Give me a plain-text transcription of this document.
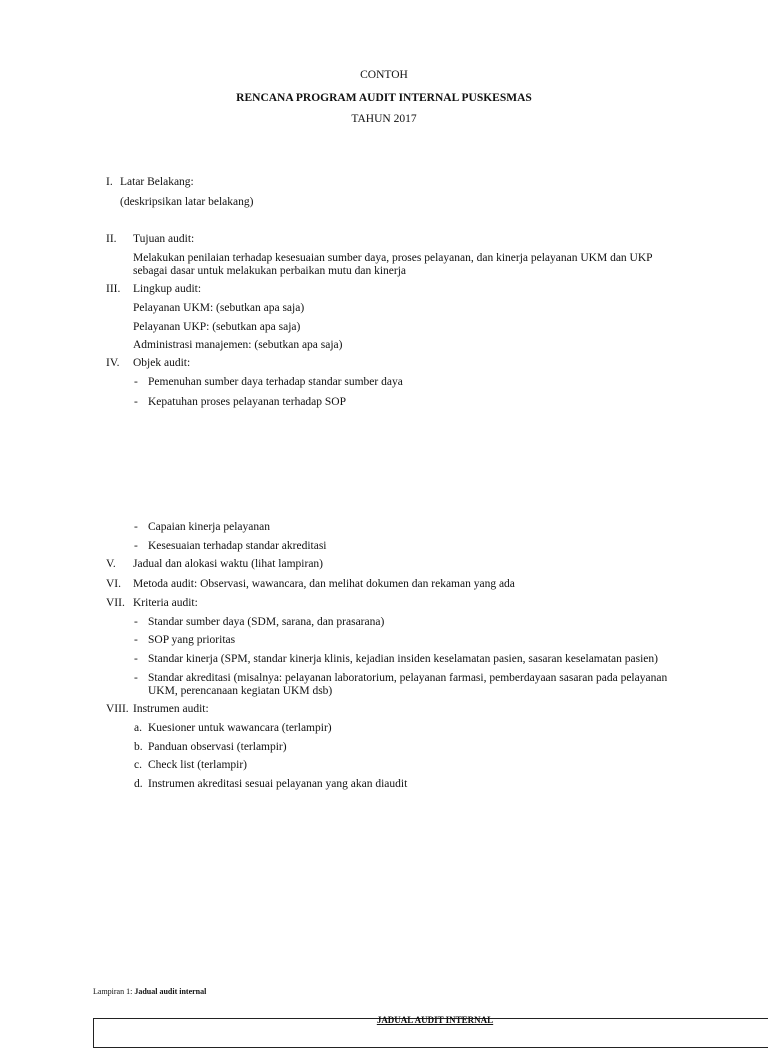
CONTOH
RENCANA PROGRAM AUDIT INTERNAL PUSKESMAS
TAHUN 2017
I. Latar Belakang:
(deskripsikan latar belakang)
II. Tujuan audit:
Melakukan penilaian terhadap kesesuaian sumber daya, proses pelayanan, dan kinerja pelayanan UKM dan UKP
sebagai dasar untuk melakukan perbaikan mutu dan kinerja
III. Lingkup audit:
Pelayanan UKM: (sebutkan apa saja)
Pelayanan UKP: (sebutkan apa saja)
Administrasi manajemen: (sebutkan apa saja)
IV. Objek audit:
- Pemenuhan sumber daya terhadap standar sumber daya
- Kepatuhan proses pelayanan terhadap SOP
- Capaian kinerja pelayanan
- Kesesuaian terhadap standar akreditasi
V. Jadual dan alokasi waktu (lihat lampiran)
VI. Metoda audit: Observasi, wawancara, dan melihat dokumen dan rekaman yang ada
VII. Kriteria audit:
- Standar sumber daya (SDM, sarana, dan prasarana)
- SOP yang prioritas
- Standar kinerja (SPM, standar kinerja klinis, kejadian insiden keselamatan pasien, sasaran keselamatan pasien)
- Standar akreditasi (misalnya: pelayanan laboratorium, pelayanan farmasi, pemberdayaan sasaran pada pelayanan
UKM, perencanaan kegiatan UKM dsb)
VIII. Instrumen audit:
a. Kuesioner untuk wawancara (terlampir)
b. Panduan observasi (terlampir)
c. Check list (terlampir)
d. Instrumen akreditasi sesuai pelayanan yang akan diaudit
Lampiran 1: Jadual audit internal
JADUAL AUDIT INTERNAL
